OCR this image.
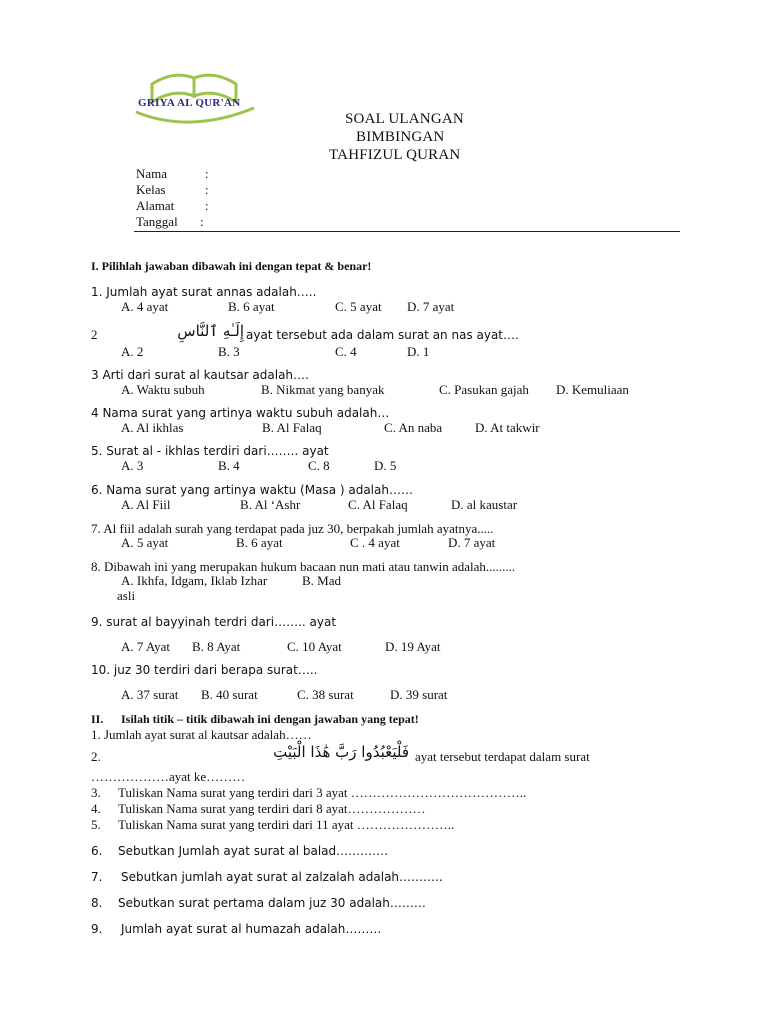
GRIYA AL QUR'AN
SOAL ULANGAN
BIMBINGAN
TAHFIZUL QURAN
Nama	:
Kelas	:
Alamat :
Tanggal :
I. Pilihlah jawaban dibawah ini dengan tepat & benar!
1. Jumlah ayat surat annas adalah…..
A. 4 ayat	B. 6 ayat	C. 5 ayat D. 7 ayat
2	إِلَـٰهِ ٱلنَّاسِ ayat tersebut ada dalam surat an nas ayat….
A. 2	B. 3	C. 4	D. 1
3 Arti dari surat al kautsar adalah….
A. Waktu subuh	B. Nikmat yang banyak	C. Pasukan gajah D. Kemuliaan
4 Nama surat yang artinya waktu subuh adalah…
A. Al ikhlas	B. Al Falaq	C. An naba	D. At takwir
5. Surat al - ikhlas terdiri dari…….. ayat
A. 3	B. 4	C. 8	D. 5
6. Nama surat yang artinya waktu (Masa ) adalah……
A. Al Fiil	B. Al ‘Ashr	C. Al Falaq	D. al kaustar
7. Al fiil adalah surah yang terdapat pada juz 30, berpakah jumlah ayatnya.....
A. 5 ayat	B. 6 ayat	C . 4 ayat	D. 7 ayat
8. Dibawah ini yang merupakan hukum bacaan nun mati atau tanwin adalah.........
A. Ikhfa, Idgam, Iklab Izhar	B. Mad
asli
9. surat al bayyinah terdri dari…….. ayat
A. 7 Ayat B. 8 Ayat	C. 10 Ayat	D. 19 Ayat
10. juz 30 terdiri dari berapa surat…..
A. 37 surat B. 40 surat	C. 38 surat	D. 39 surat
II. Isilah titik – titik dibawah ini dengan jawaban yang tepat!
1. Jumlah ayat surat al kautsar adalah……
2.	فَلْيَعْبُدُوا رَبَّ هَٰذَا الْبَيْتِ ayat tersebut terdapat dalam surat
………………ayat ke………
3. Tuliskan Nama surat yang terdiri dari 3 ayat …………………………………..
4. Tuliskan Nama surat yang terdiri dari 8 ayat………………
5. Tuliskan Nama surat yang terdiri dari 11 ayat …………………..
6. Sebutkan Jumlah ayat surat al balad………….
7. Sebutkan jumlah ayat surat al zalzalah adalah………..
8. Sebutkan surat pertama dalam juz 30 adalah………
9. Jumlah ayat surat al humazah adalah………
